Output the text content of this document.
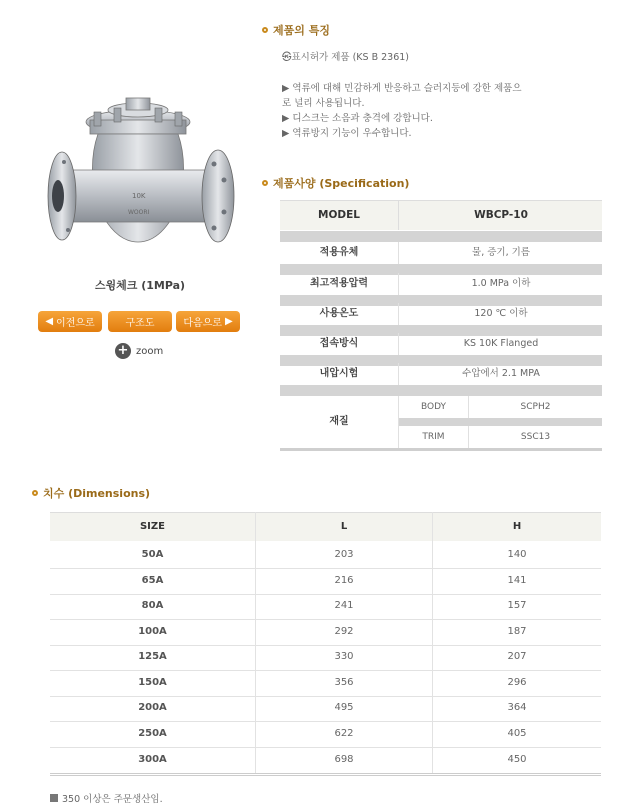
10K
WOORI
스윙체크 (1MPa)
◀ 이전으로	구조도	다음으로 ▶
+ zoom
제품의 특징
㉿표시허가 제품 (KS B 2361)
▶ 역류에 대해 민감하게 반응하고 슬러지등에 강한 제품으
로 널리 사용됩니다.
▶ 디스크는 소음과 충격에 강합니다.
▶ 역류방지 기능이 우수합니다.
제품사양 (Specification)
MODEL	WBCP-10
적용유체	물, 증기, 기름
최고적용압력	1.0 MPa 이하
사용온도	120 ℃ 이하
접속방식	KS 10K Flanged
내압시험	수압에서 2.1 MPA
재질
BODY	SCPH2
TRIM	SSC13
치수 (Dimensions)
SIZE	L	H
50A	203	140
65A	216	141
80A	241	157
100A	292	187
125A	330	207
150A	356	296
200A	495	364
250A	622	405
300A	698	450
350 이상은 주문생산임.
